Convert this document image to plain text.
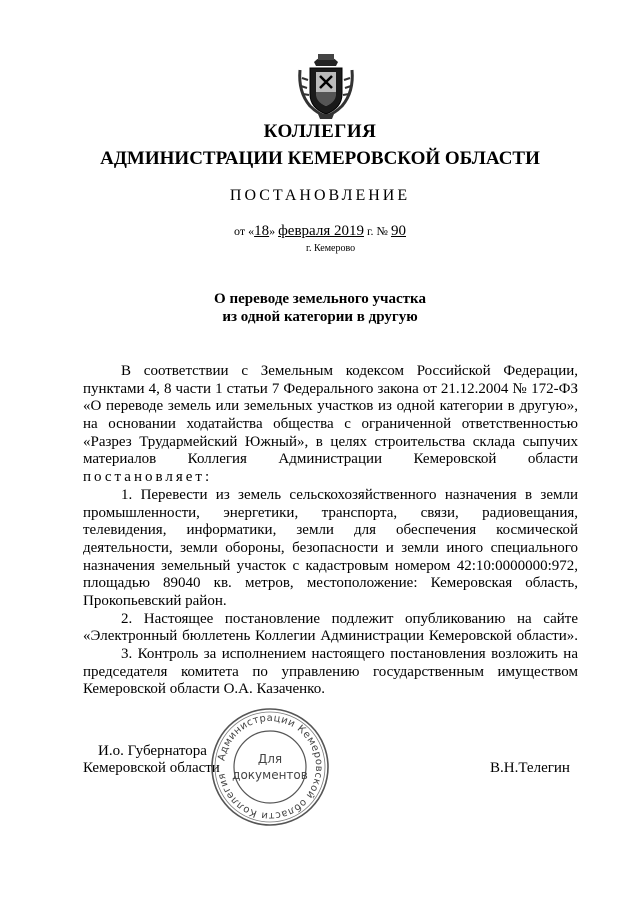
КОЛЛЕГИЯ
АДМИНИСТРАЦИИ КЕМЕРОВСКОЙ ОБЛАСТИ
ПОСТАНОВЛЕНИЕ
от «18» февраля 2019 г. № 90
г. Кемерово
О переводе земельного участка
из одной категории в другую
В соответствии с Земельным кодексом Российской Федерации,
пунктами 4, 8 части 1 статьи 7 Федерального закона от 21.12.2004 № 172-ФЗ
«О переводе земель или земельных участков из одной категории в другую»,
на основании ходатайства общества с ограниченной ответственностью
«Разрез Трудармейский Южный», в целях строительства склада сыпучих
материалов Коллегия Администрации Кемеровской области
постановляет:
1. Перевести из земель сельскохозяйственного назначения в земли
промышленности, энергетики, транспорта, связи, радиовещания,
телевидения, информатики, земли для обеспечения космической
деятельности, земли обороны, безопасности и земли иного специального
назначения земельный участок с кадастровым номером 42:10:0000000:972,
площадью 89040 кв. метров, местоположение: Кемеровская область,
Прокопьевский район.
2. Настоящее постановление подлежит опубликованию на сайте
«Электронный бюллетень Коллегии Администрации Кемеровской области».
3. Контроль за исполнением настоящего постановления возложить на
председателя комитета по управлению государственным имуществом
Кемеровской области О.А. Казаченко.
И.о. Губернатора
Кемеровской области	В.Н.Телегин
Администрации Кемеровской области Коллегия
Для
документов
